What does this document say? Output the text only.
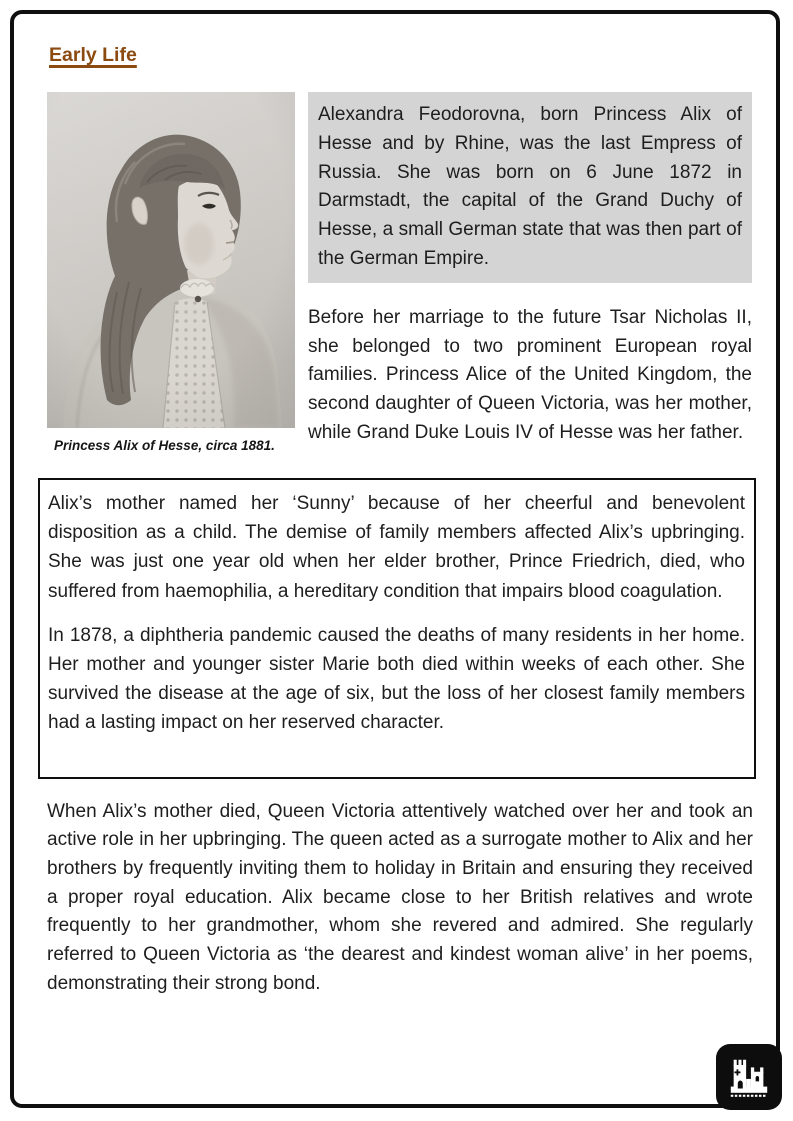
Early Life
Princess Alix of Hesse, circa 1881.

Alexandra Feodorovna, born Princess Alix of Hesse and by Rhine, was the last Empress of Russia. She was born on 6 June 1872 in Darmstadt, the capital of the Grand Duchy of Hesse, a small German state that was then part of the German Empire.

Before her marriage to the future Tsar Nicholas II, she belonged to two prominent European royal families. Princess Alice of the United Kingdom, the second daughter of Queen Victoria, was her mother, while Grand Duke Louis IV of Hesse was her father.

Alix’s mother named her ‘Sunny’ because of her cheerful and benevolent disposition as a child. The demise of family members affected Alix’s upbringing. She was just one year old when her elder brother, Prince Friedrich, died, who suffered from haemophilia, a hereditary condition that impairs blood coagulation.

In 1878, a diphtheria pandemic caused the deaths of many residents in her home. Her mother and younger sister Marie both died within weeks of each other. She survived the disease at the age of six, but the loss of her closest family members had a lasting impact on her reserved character.

When Alix’s mother died, Queen Victoria attentively watched over her and took an active role in her upbringing. The queen acted as a surrogate mother to Alix and her brothers by frequently inviting them to holiday in Britain and ensuring they received a proper royal education. Alix became close to her British relatives and wrote frequently to her grandmother, whom she revered and admired. She regularly referred to Queen Victoria as ‘the dearest and kindest woman alive’ in her poems, demonstrating their strong bond.
